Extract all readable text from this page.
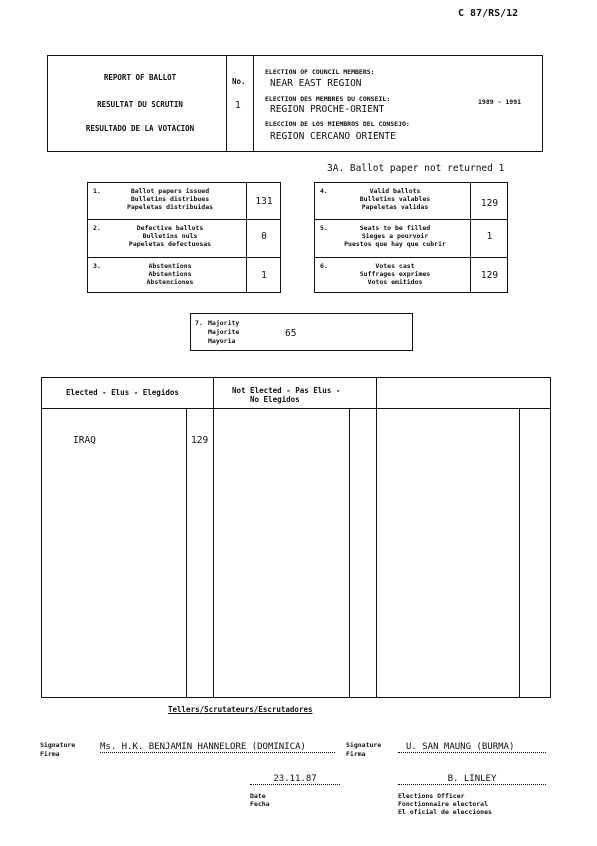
C 87/RS/12
REPORT OF BALLOT
RESULTAT DU SCRUTIN
RESULTADO DE LA VOTACION
No.
1
ELECTION OF COUNCIL MEMBERS:
NEAR EAST REGION
ELECTION DES MEMBRES DU CONSEIL:
REGION PROCHE-ORIENT
ELECCION DE LOS MIEMBROS DEL CONSEJO:
REGION CERCANO ORIENTE
1989 - 1991
3A. Ballot paper not returned 1
1.	Ballot papers issued
Bulletins distribues
Papeletas distribuidas	131
2.	Defective ballots
Bulletins nuls
Papeletas defectuosas
0
3.	Abstentions
Abstentions
Abstenciones
1
4.	Valid ballots
Bulletins valables
Papeletas validas	129
5.	Seats to be filled
Sieges a pourvoir
Puestos que hay que cubrir
1
6.	Votes cast
Suffrages exprimes
Votos emitidos
129
7. Majority
Majorite
Mayoria
65
Elected - Elus - Elegidos	Not Elected - Pas Elus -
No Elegidos
IRAQ	129
Tellers/Scrutateurs/Escrutadores
Signature
Firma
Ms. H.K. BENJAMIN HANNELORE (DOMINICA)	Signature
Firma
U. SAN MAUNG (BURMA)
23.11.87
Date
Fecha
B. LINLEY
Elections Officer
Fonctionnaire electoral
El oficial de elecciones
